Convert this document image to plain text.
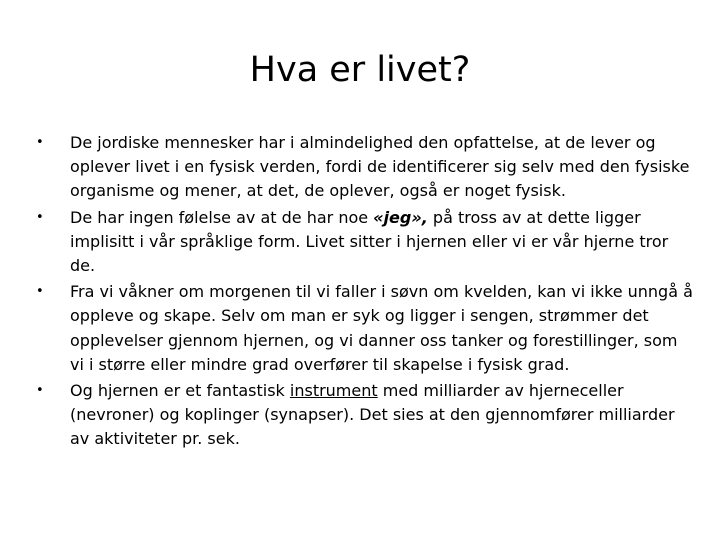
Hva er livet?
•	De jordiske mennesker har i almindelighed den opfattelse, at de lever og oplever livet i en fysisk verden, fordi de identificerer sig selv med den fysiske organisme og mener, at det, de oplever, også er noget fysisk.
•	De har ingen følelse av at de har noe «jeg», på tross av at dette ligger implisitt i vår språklige form. Livet sitter i hjernen eller vi er vår hjerne tror de.
•	Fra vi våkner om morgenen til vi faller i søvn om kvelden, kan vi ikke unngå å oppleve og skape. Selv om man er syk og ligger i sengen, strømmer det opplevelser gjennom hjernen, og vi danner oss tanker og forestillinger, som vi i større eller mindre grad overfører til skapelse i fysisk grad.
•	Og hjernen er et fantastisk instrument med milliarder av hjerneceller (nevroner) og koplinger (synapser). Det sies at den gjennomfører milliarder av aktiviteter pr. sek.
